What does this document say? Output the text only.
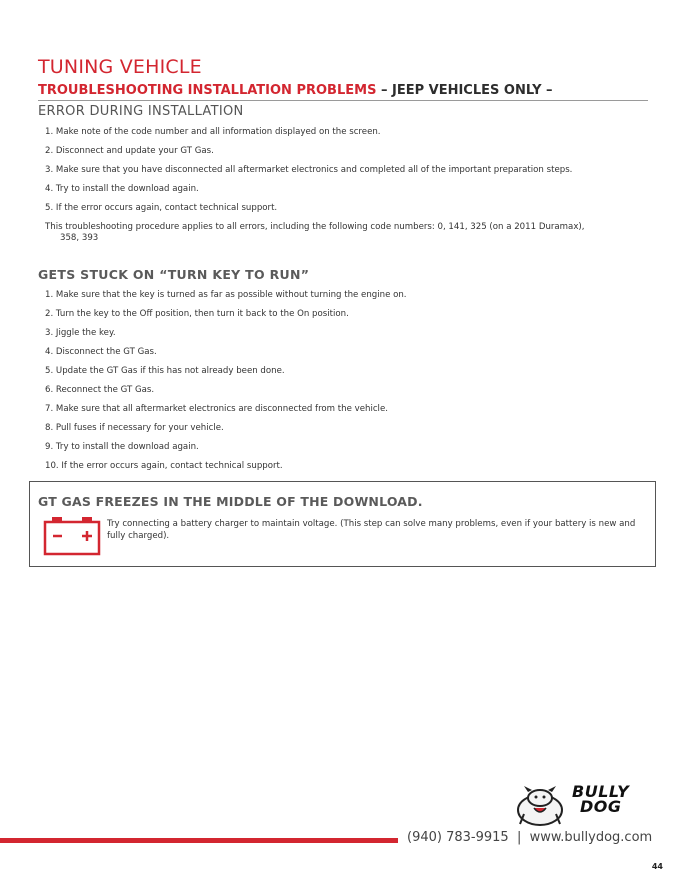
TUNING VEHICLE
TROUBLESHOOTING INSTALLATION PROBLEMS – JEEP VEHICLES ONLY –
ERROR DURING INSTALLATION
1. Make note of the code number and all information displayed on the screen.
2. Disconnect and update your GT Gas.
3. Make sure that you have disconnected all aftermarket electronics and completed all of the important preparation steps.
4. Try to install the download again.
5. If the error occurs again, contact technical support.
This troubleshooting procedure applies to all errors, including the following code numbers: 0, 141, 325 (on a 2011 Duramax),
358, 393
GETS STUCK ON “TURN KEY TO RUN”
1. Make sure that the key is turned as far as possible without turning the engine on.
2. Turn the key to the Off position, then turn it back to the On position.
3. Jiggle the key.
4. Disconnect the GT Gas.
5. Update the GT Gas if this has not already been done.
6. Reconnect the GT Gas.
7. Make sure that all aftermarket electronics are disconnected from the vehicle.
8. Pull fuses if necessary for your vehicle.
9. Try to install the download again.
10. If the error occurs again, contact technical support.
GT GAS FREEZES IN THE MIDDLE OF THE DOWNLOAD.
Try connecting a battery charger to maintain voltage. (This step can solve many problems, even if your battery is new and fully charged).
BULLY
DOG
(940) 783-9915  |  www.bullydog.com
44
